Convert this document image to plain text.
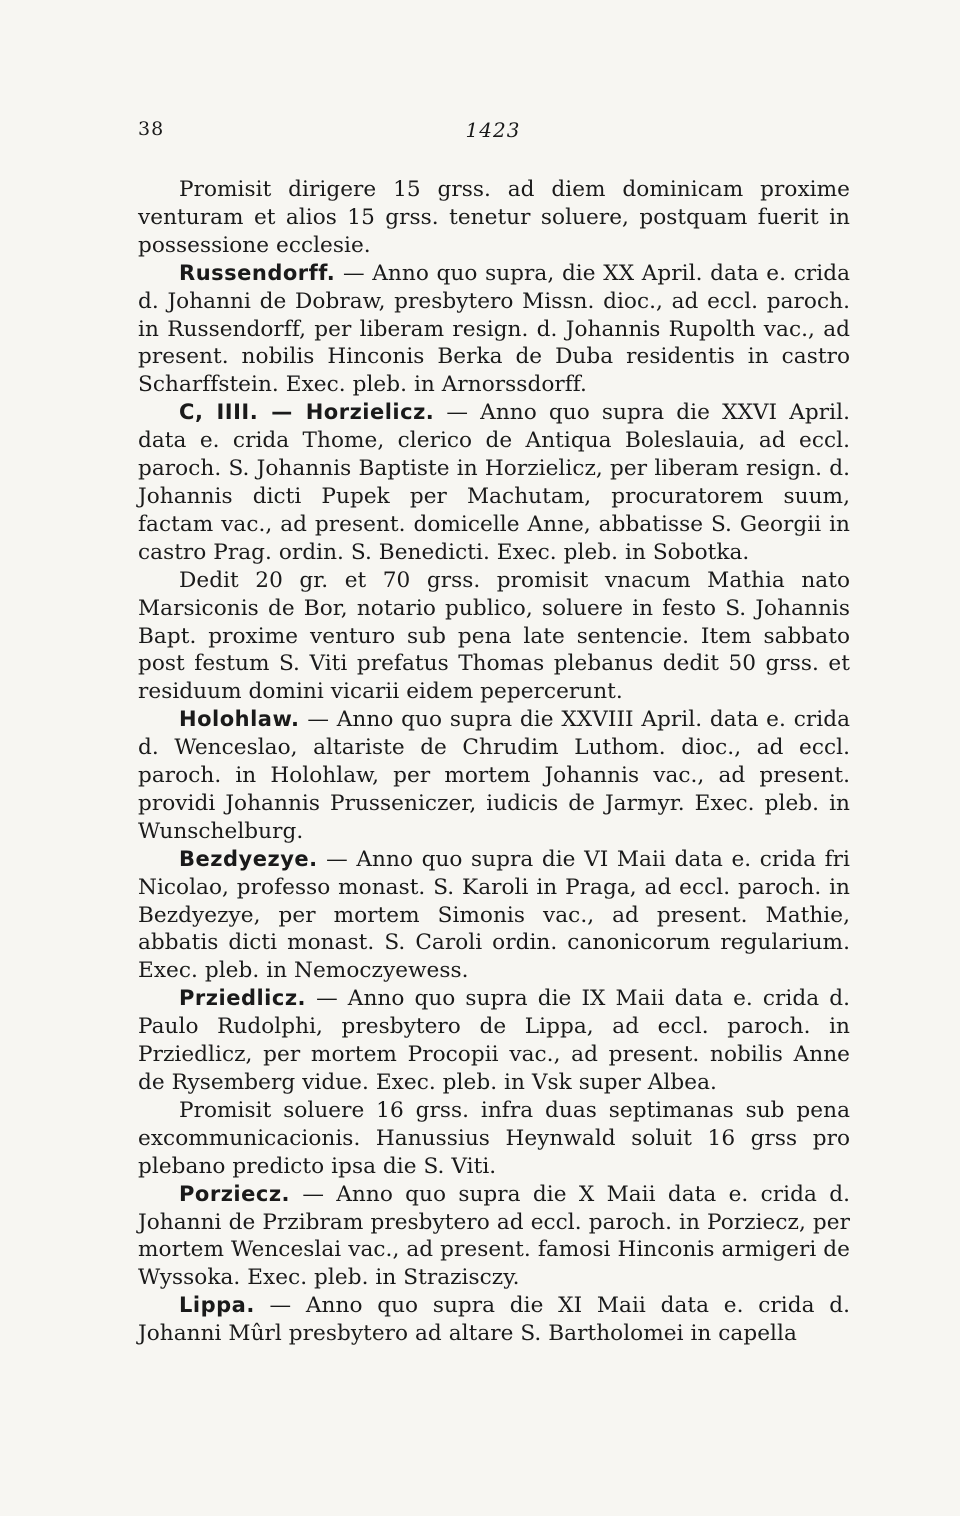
38	1423

Promisit dirigere 15 grss. ad diem dominicam proxime venturam et alios 15 grss. tenetur soluere, postquam fuerit in possessione ecclesie.

Russendorff. — Anno quo supra, die XX April. data e. crida d. Johanni de Dobraw, presbytero Missn. dioc., ad eccl. paroch. in Russendorff, per liberam resign. d. Johannis Rupolth vac., ad present. nobilis Hinconis Berka de Duba residentis in castro Scharffstein. Exec. pleb. in Arnorssdorff.

C, IIII. — Horzielicz. — Anno quo supra die XXVI April. data e. crida Thome, clerico de Antiqua Boleslauia, ad eccl. paroch. S. Johannis Baptiste in Horzielicz, per liberam resign. d. Johannis dicti Pupek per Machutam, procuratorem suum, factam vac., ad present. domicelle Anne, abbatisse S. Georgii in castro Prag. ordin. S. Benedicti. Exec. pleb. in Sobotka.

Dedit 20 gr. et 70 grss. promisit vnacum Mathia nato Marsiconis de Bor, notario publico, soluere in festo S. Johannis Bapt. proxime venturo sub pena late sentencie. Item sabbato post festum S. Viti prefatus Thomas plebanus dedit 50 grss. et residuum domini vicarii eidem pepercerunt.

Holohlaw. — Anno quo supra die XXVIII April. data e. crida d. Wenceslao, altariste de Chrudim Luthom. dioc., ad eccl. paroch. in Holohlaw, per mortem Johannis vac., ad present. providi Johannis Prusseniczer, iudicis de Jarmyr. Exec. pleb. in Wunschelburg.

Bezdyezye. — Anno quo supra die VI Maii data e. crida fri Nicolao, professo monast. S. Karoli in Praga, ad eccl. paroch. in Bezdyezye, per mortem Simonis vac., ad present. Mathie, abbatis dicti monast. S. Caroli ordin. canonicorum regularium. Exec. pleb. in Nemoczyewess.

Prziedlicz. — Anno quo supra die IX Maii data e. crida d. Paulo Rudolphi, presbytero de Lippa, ad eccl. paroch. in Prziedlicz, per mortem Procopii vac., ad present. nobilis Anne de Rysemberg vidue. Exec. pleb. in Vsk super Albea.

Promisit soluere 16 grss. infra duas septimanas sub pena excommunicacionis. Hanussius Heynwald soluit 16 grss pro plebano predicto ipsa die S. Viti.

Porziecz. — Anno quo supra die X Maii data e. crida d. Johanni de Przibram presbytero ad eccl. paroch. in Porziecz, per mortem Wenceslai vac., ad present. famosi Hinconis armigeri de Wyssoka. Exec. pleb. in Strazisczy.

Lippa. — Anno quo supra die XI Maii data e. crida d. Johanni Mûrl presbytero ad altare S. Bartholomei in capella
